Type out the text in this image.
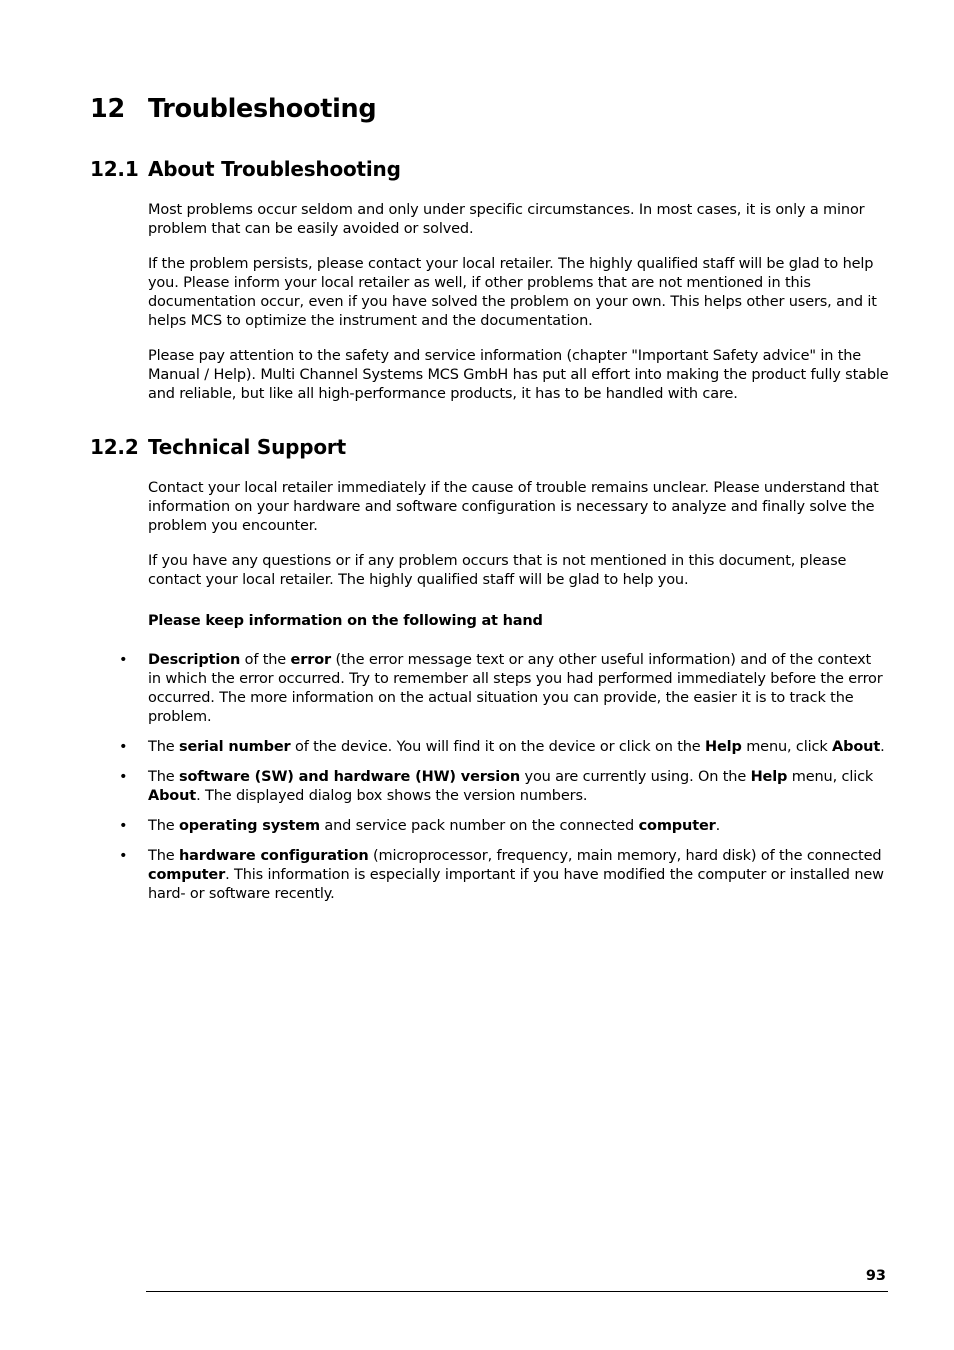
12 Troubleshooting
12.1 About Troubleshooting

Most problems occur seldom and only under specific circumstances. In most cases, it is only a minor problem that can be easily avoided or solved.

If the problem persists, please contact your local retailer. The highly qualified staff will be glad to help you. Please inform your local retailer as well, if other problems that are not mentioned in this documentation occur, even if you have solved the problem on your own. This helps other users, and it helps MCS to optimize the instrument and the documentation.

Please pay attention to the safety and service information (chapter "Important Safety advice" in the Manual / Help). Multi Channel Systems MCS GmbH has put all effort into making the product fully stable and reliable, but like all high-performance products, it has to be handled with care.

12.2 Technical Support

Contact your local retailer immediately if the cause of trouble remains unclear. Please understand that information on your hardware and software configuration is necessary to analyze and finally solve the problem you encounter.

If you have any questions or if any problem occurs that is not mentioned in this document, please contact your local retailer. The highly qualified staff will be glad to help you.

Please keep information on the following at hand

• Description of the error (the error message text or any other useful information) and of the context in which the error occurred. Try to remember all steps you had performed immediately before the error occurred. The more information on the actual situation you can provide, the easier it is to track the problem.
• The serial number of the device. You will find it on the device or click on the Help menu, click About.
• The software (SW) and hardware (HW) version you are currently using. On the Help menu, click About. The displayed dialog box shows the version numbers.
• The operating system and service pack number on the connected computer.
• The hardware configuration (microprocessor, frequency, main memory, hard disk) of the connected computer. This information is especially important if you have modified the computer or installed new hard- or software recently.
93
